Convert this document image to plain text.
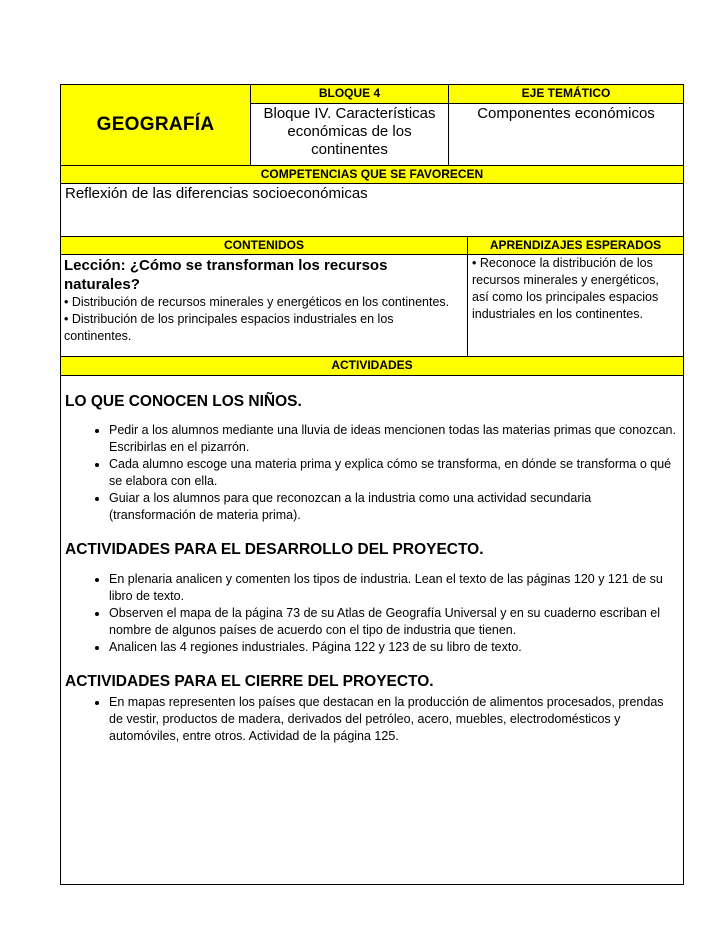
GEOGRAFÍA
BLOQUE 4
Bloque IV. Características económicas de los continentes
EJE TEMÁTICO
Componentes económicos
COMPETENCIAS QUE SE FAVORECEN
Reflexión de las diferencias socioeconómicas
CONTENIDOS	APRENDIZAJES ESPERADOS
Lección: ¿Cómo se transforman los recursos naturales?
• Distribución de recursos minerales y energéticos en los continentes.
• Distribución de los principales espacios industriales en los continentes.
• Reconoce la distribución de los recursos minerales y energéticos, así como los principales espacios industriales en los continentes.
ACTIVIDADES
LO QUE CONOCEN LOS NIÑOS.
• Pedir a los alumnos mediante una lluvia de ideas mencionen todas las materias primas que conozcan. Escribirlas en el pizarrón.
• Cada alumno escoge una materia prima y explica cómo se transforma, en dónde se transforma o qué se elabora con ella.
• Guiar a los alumnos para que reconozcan a la industria como una actividad secundaria (transformación de materia prima).
ACTIVIDADES PARA EL DESARROLLO DEL PROYECTO.
• En plenaria analicen y comenten los tipos de industria. Lean el texto de las páginas 120 y 121 de su libro de texto.
• Observen el mapa de la página 73 de su Atlas de Geografía Universal y en su cuaderno escriban el nombre de algunos países de acuerdo con el tipo de industria que tienen.
• Analicen las 4 regiones industriales. Página 122 y 123 de su libro de texto.
ACTIVIDADES PARA EL CIERRE DEL PROYECTO.
• En mapas representen los países que destacan en la producción de alimentos procesados, prendas de vestir, productos de madera, derivados del petróleo, acero, muebles, electrodomésticos y automóviles, entre otros. Actividad de la página 125.
